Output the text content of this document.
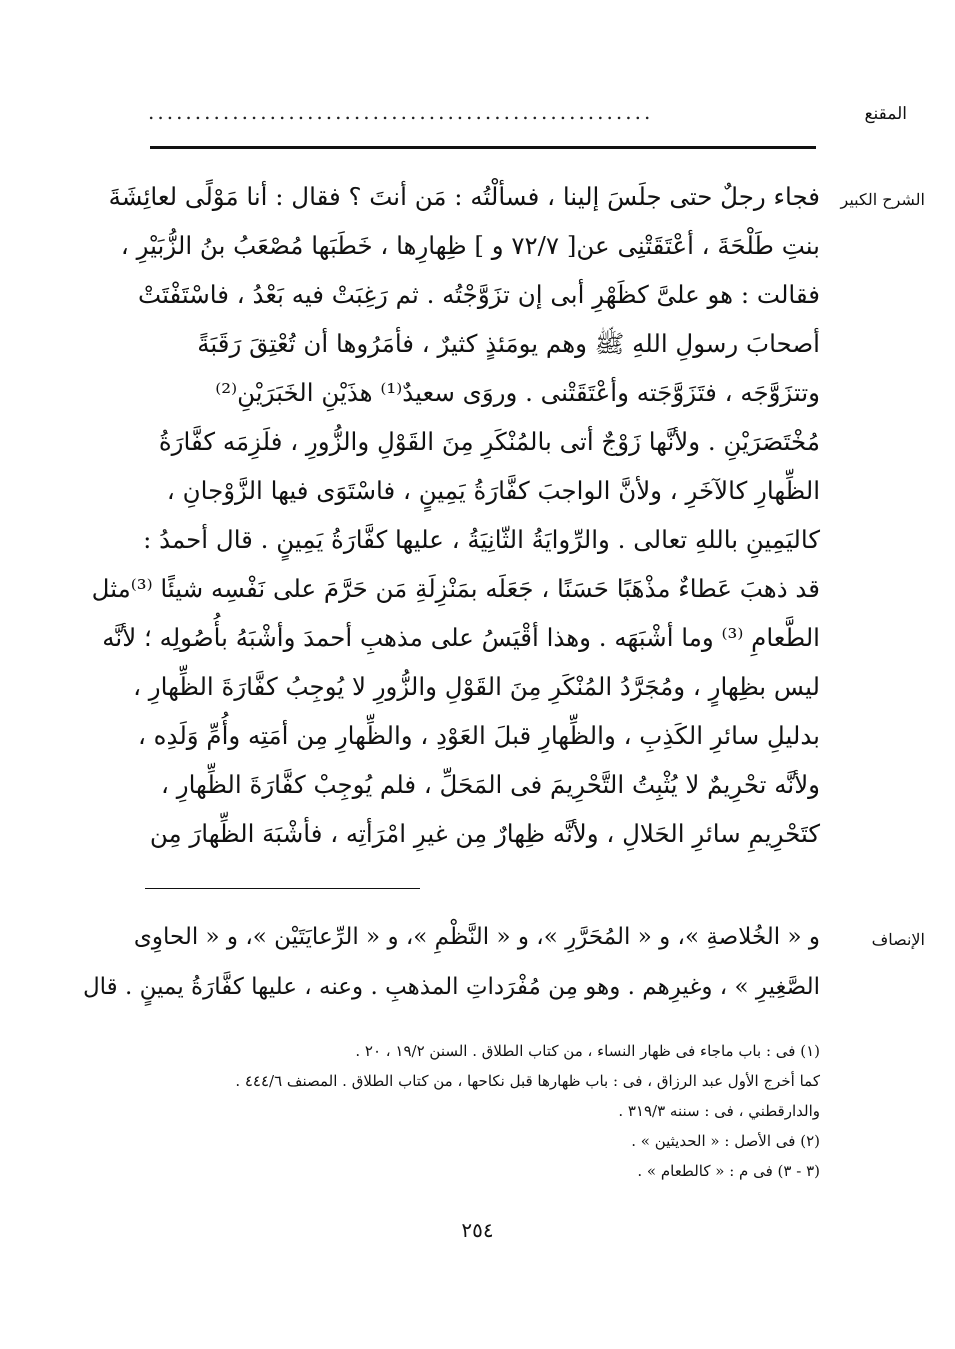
المقنع
......................................................
الشرح الكبير
الإنصاف
فجاء رجلٌ حتى جلَسَ إلينا ، فسألْتُه : مَن أنتَ ؟ فقال : أنا مَوْلًى لعائِشَةَ
بنتِ طَلْحَةَ ، أعْتَقَتْنِى عن[ ٧٢/٧ و ] ظِهارِها ، خَطَبَها مُصْعَبُ بنُ الزُّبَيْرِ ،
فقالت : هو علىَّ كظَهْرِ أبى إن تزَوَّجْتُه . ثم رَغِبَتْ فيه بَعْدُ ، فاسْتَفْتَتْ
أصحابَ رسولِ اللهِ ﷺ وهم يومَئذٍ كثيرٌ ، فأمَرُوها أن تُعْتِقَ رَقَبَةً
وتتزَوَّجَه ، فتَزَوَّجَته وأعْتَقَتْنى . وروَى سعيدٌ⁽¹⁾ هذَيْنِ الخَبَرَيْنِ⁽²⁾
مُخْتَصَرَيْنِ . ولأنَّها زَوْجٌ أتى بالمُنْكَرِ مِنَ القَوْلِ والزُّورِ ، فلَزِمَه كفَّارَةُ
الظِّهارِ كالآخَرِ ، ولأنَّ الواجبَ كفَّارَةُ يَمِينٍ ، فاسْتَوَى فيها الزَّوْجانِ ،
كاليَمِينِ باللهِ تعالى . والرِّوايَةُ الثّانِيَةُ ، عليها كفَّارَةُ يَمِينٍ . قال أحمدُ :
قد ذهبَ عَطاءٌ مذْهَبًا حَسَنًا ، جَعَلَه بمَنْزِلَةِ مَن حَرَّمَ على نَفْسِه شيئًا ⁽³⁾مثل
الطَّعامِ ⁽³⁾ وما أشْبَهَه . وهذا أقْيَسُ على مذهبِ أحمدَ وأشْبَهُ بأُصُولِه ؛ لأنَّه
ليس بظِهارٍ ، ومُجَرَّدُ المُنْكَرِ مِنَ القَوْلِ والزُّورِ لا يُوجِبُ كفَّارَةَ الظِّهارِ ،
بدليلِ سائرِ الكَذِبِ ، والظِّهارِ قبلَ العَوْدِ ، والظِّهارِ مِن أمَتِه وأُمِّ وَلَدِه ،
ولأنَّه تحْرِيمٌ لا يُثْبِتُ التَّحْرِيمَ فى المَحَلِّ ، فلم يُوجِبْ كفَّارَةَ الظِّهارِ ،
كتَحْرِيمِ سائرِ الحَلالِ ، ولأنَّه ظِهارٌ مِن غيرِ امْرَأتِه ، فأشْبَهَ الظِّهارَ مِن
و « الخُلاصةِ »، و « المُحَرَّرِ »، و « النَّظْمِ »، و « الرِّعايَتَيْن »، و « الحاوِى
الصَّغِيرِ » ، وغيرِهم . وهو مِن مُفْرَداتِ المذهبِ . وعنه ، عليها كفَّارَةُ يمينٍ . قال
(١) فى : باب ماجاء فى ظهار النساء ، من كتاب الطلاق . السنن ١٩/٢ ، ٢٠ .
كما أخرج الأول عبد الرزاق ، فى : باب ظهارها قبل نكاحها ، من كتاب الطلاق . المصنف ٤٤٤/٦ .
والدارقطني ، فى : سننه ٣١٩/٣ .
(٢) فى الأصل : « الحديثين » .
(٣ - ٣) فى م : « كالطعام » .
٢٥٤
